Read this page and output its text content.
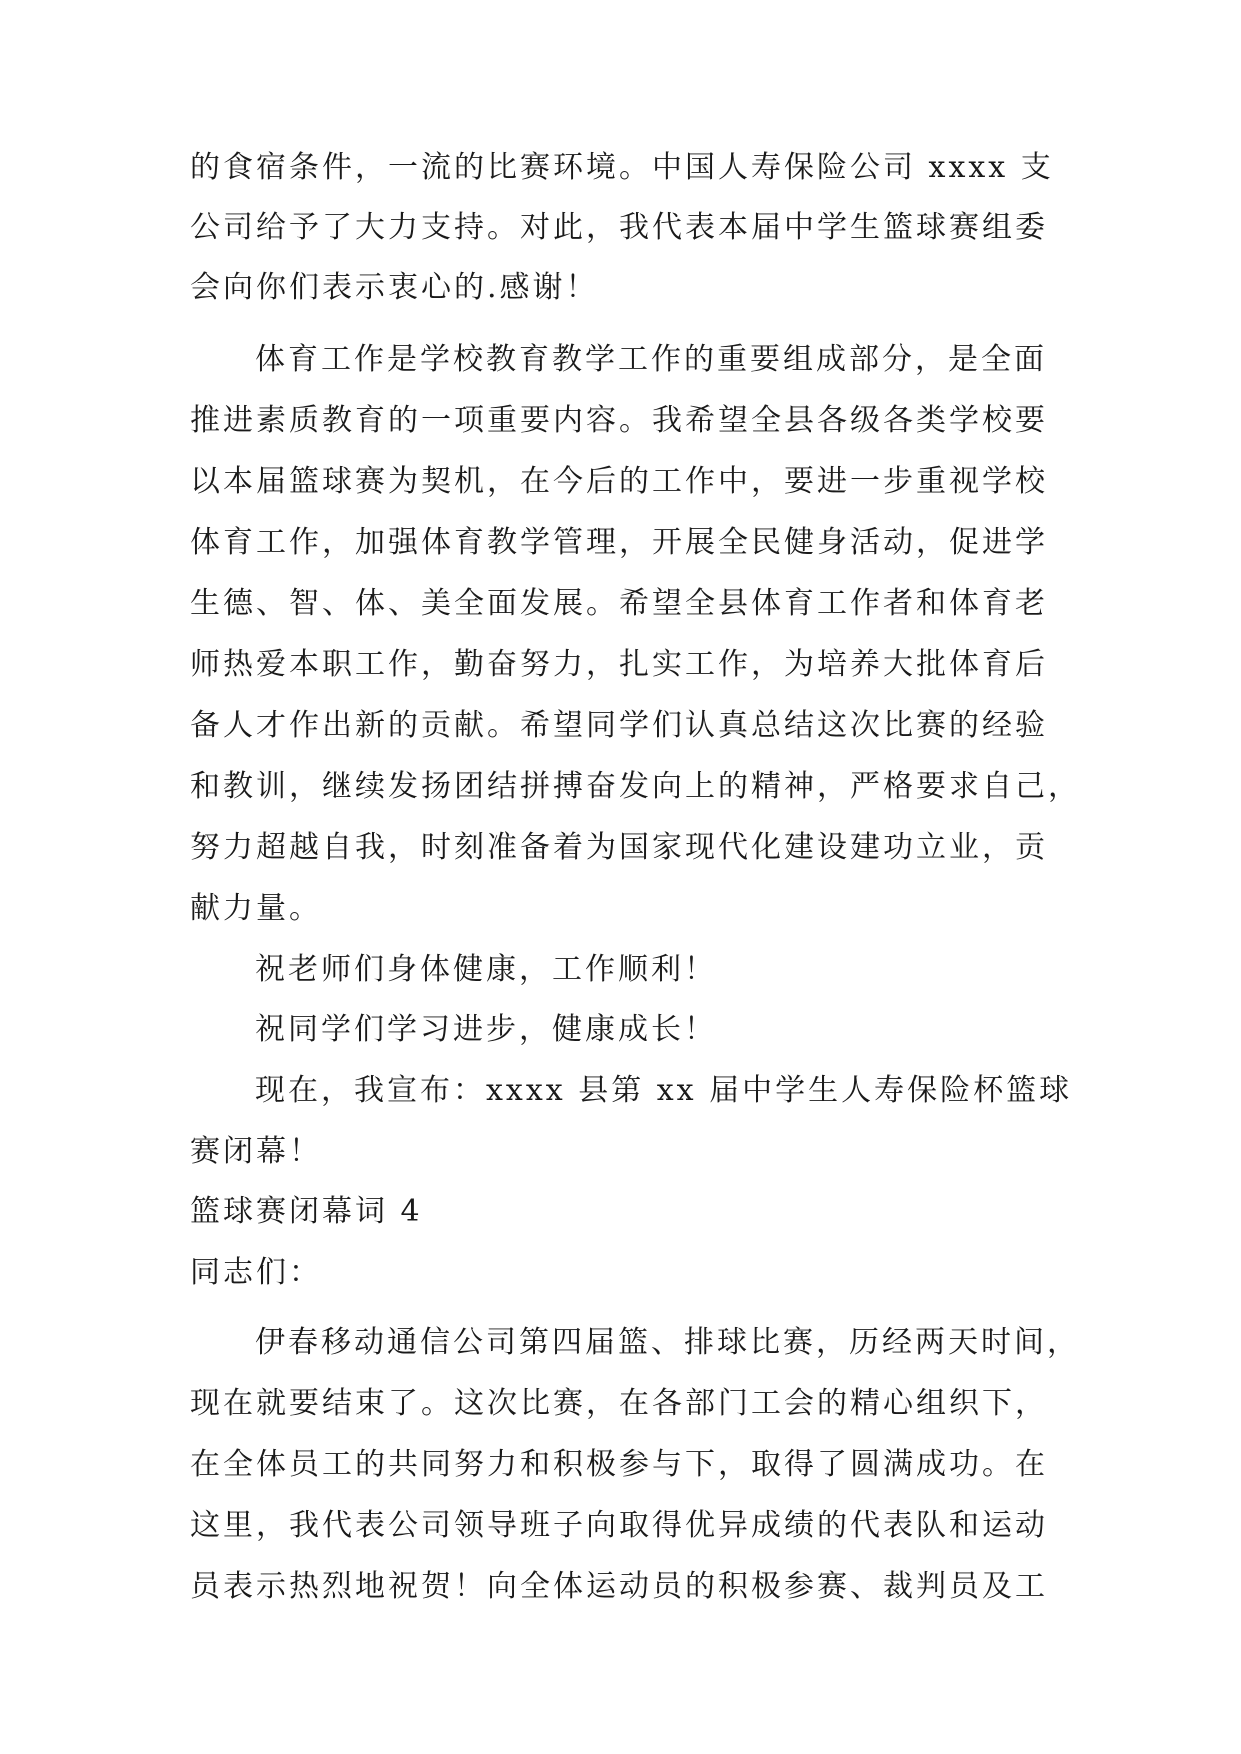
的食宿条件，一流的比赛环境。中国人寿保险公司 xxxx 支
公司给予了大力支持。对此，我代表本届中学生篮球赛组委
会向你们表示衷心的.感谢！
体育工作是学校教育教学工作的重要组成部分，是全面
推进素质教育的一项重要内容。我希望全县各级各类学校要
以本届篮球赛为契机，在今后的工作中，要进一步重视学校
体育工作，加强体育教学管理，开展全民健身活动，促进学
生德、智、体、美全面发展。希望全县体育工作者和体育老
师热爱本职工作，勤奋努力，扎实工作，为培养大批体育后
备人才作出新的贡献。希望同学们认真总结这次比赛的经验
和教训，继续发扬团结拼搏奋发向上的精神，严格要求自己，
努力超越自我，时刻准备着为国家现代化建设建功立业，贡
献力量。
祝老师们身体健康，工作顺利！
祝同学们学习进步，健康成长！
现在，我宣布：xxxx 县第 xx 届中学生人寿保险杯篮球
赛闭幕！
篮球赛闭幕词 4
同志们：
伊春移动通信公司第四届篮、排球比赛，历经两天时间，
现在就要结束了。这次比赛，在各部门工会的精心组织下，
在全体员工的共同努力和积极参与下，取得了圆满成功。在
这里，我代表公司领导班子向取得优异成绩的代表队和运动
员表示热烈地祝贺！向全体运动员的积极参赛、裁判员及工
